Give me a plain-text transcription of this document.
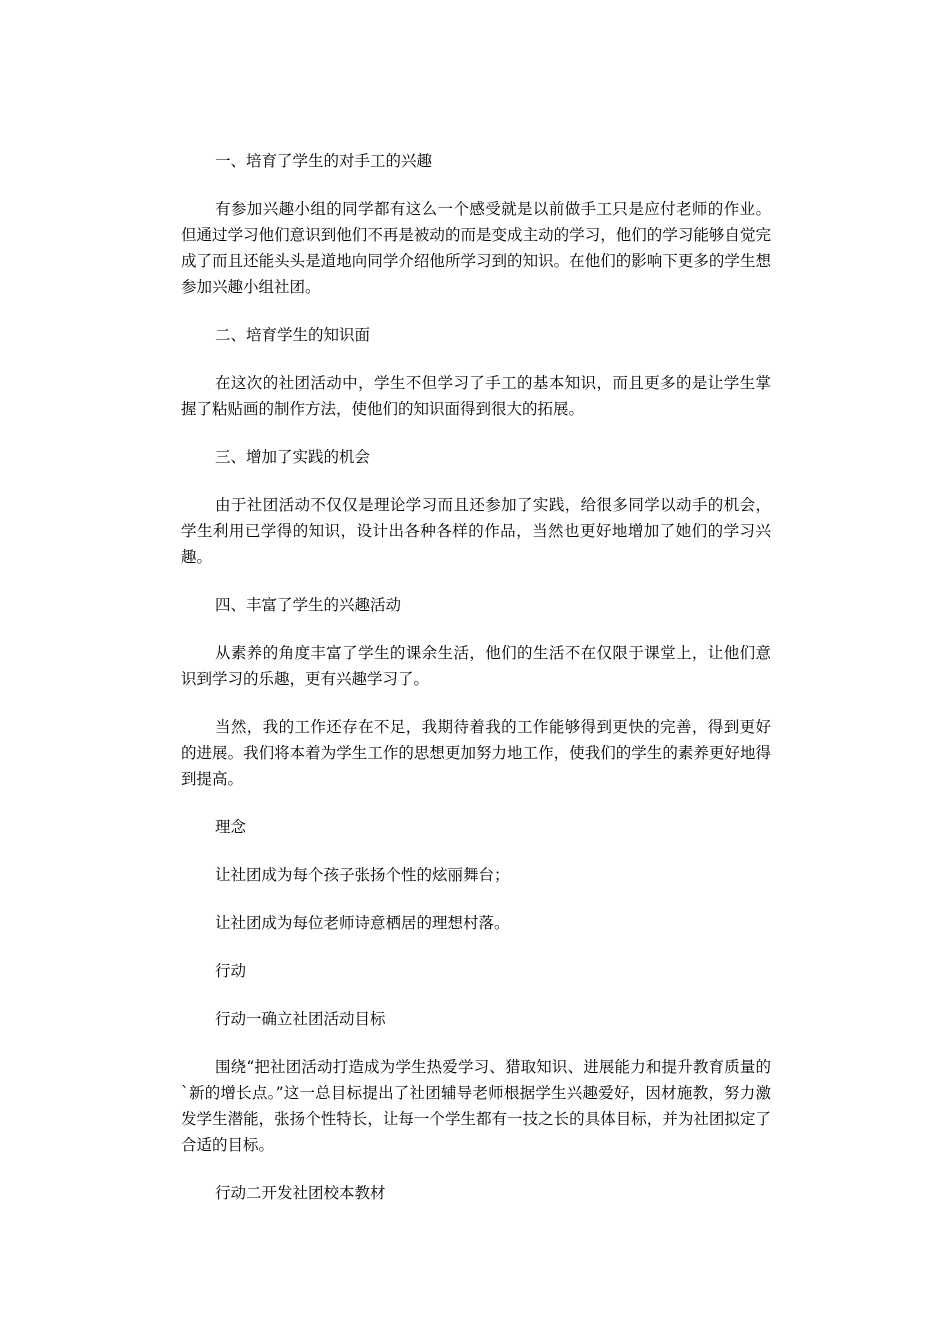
一、培育了学生的对手工的兴趣

有参加兴趣小组的同学都有这么一个感受就是以前做手工只是应付老师的作业。但通过学习他们意识到他们不再是被动的而是变成主动的学习，他们的学习能够自觉完成了而且还能头头是道地向同学介绍他所学习到的知识。在他们的影响下更多的学生想参加兴趣小组社团。

二、培育学生的知识面

在这次的社团活动中，学生不但学习了手工的基本知识，而且更多的是让学生掌握了粘贴画的制作方法，使他们的知识面得到很大的拓展。

三、增加了实践的机会

由于社团活动不仅仅是理论学习而且还参加了实践，给很多同学以动手的机会，学生利用已学得的知识，设计出各种各样的作品，当然也更好地增加了她们的学习兴趣。

四、丰富了学生的兴趣活动

从素养的角度丰富了学生的课余生活，他们的生活不在仅限于课堂上，让他们意识到学习的乐趣，更有兴趣学习了。

当然，我的工作还存在不足，我期待着我的工作能够得到更快的完善，得到更好的进展。我们将本着为学生工作的思想更加努力地工作，使我们的学生的素养更好地得到提高。

理念

让社团成为每个孩子张扬个性的炫丽舞台；

让社团成为每位老师诗意栖居的理想村落。

行动

行动一确立社团活动目标

围绕“把社团活动打造成为学生热爱学习、猎取知识、进展能力和提升教育质量的`新的增长点。”这一总目标提出了社团辅导老师根据学生兴趣爱好，因材施教，努力激发学生潜能，张扬个性特长，让每一个学生都有一技之长的具体目标，并为社团拟定了合适的目标。

行动二开发社团校本教材
